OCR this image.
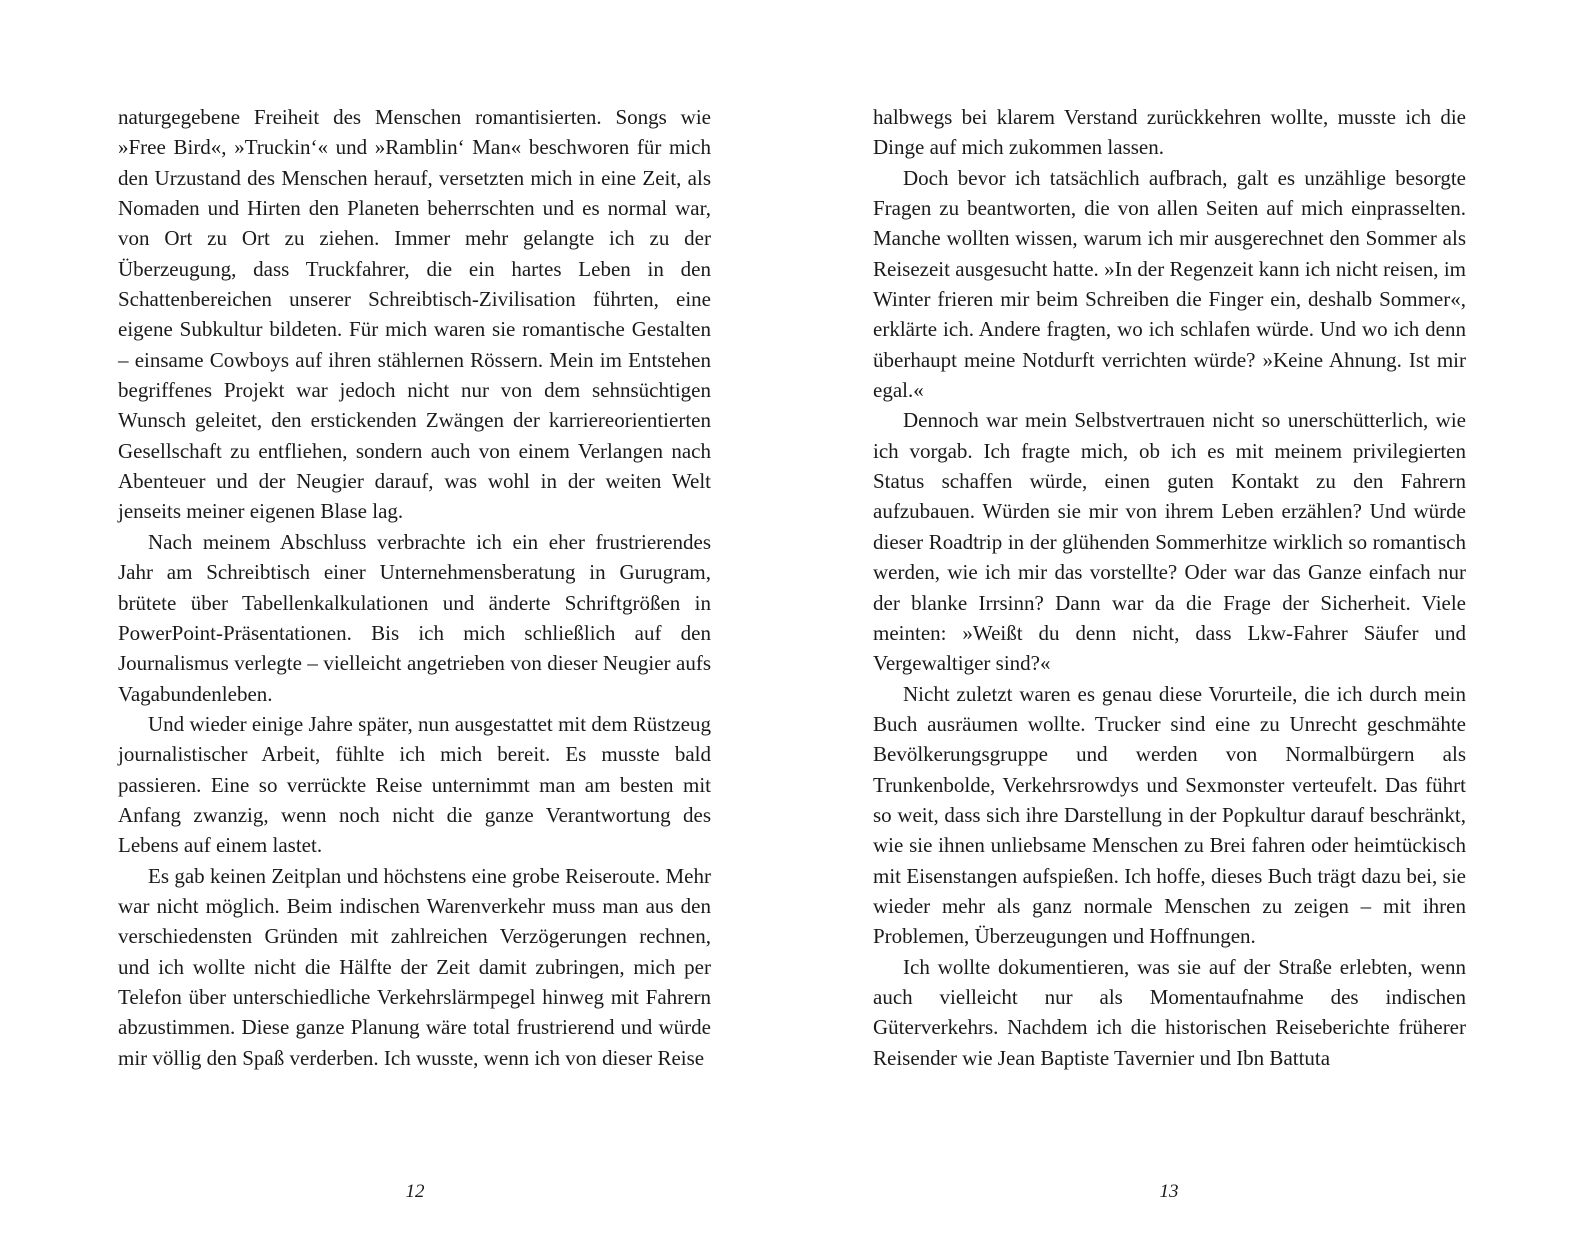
naturgegebene Freiheit des Menschen romantisierten. Songs wie »Free Bird«, »Truckin‘« und »Ramblin‘ Man« beschworen für mich den Urzustand des Menschen herauf, versetzten mich in eine Zeit, als Nomaden und Hirten den Planeten beherrschten und es normal war, von Ort zu Ort zu ziehen. Immer mehr gelangte ich zu der Überzeugung, dass Truckfahrer, die ein hartes Leben in den Schattenbereichen unserer Schreibtisch-Zivilisation führten, eine eigene Subkultur bildeten. Für mich waren sie romantische Gestalten – einsame Cowboys auf ihren stählernen Rössern. Mein im Entstehen begriffenes Projekt war jedoch nicht nur von dem sehnsüchtigen Wunsch geleitet, den erstickenden Zwängen der karriereorientierten Gesellschaft zu entfliehen, sondern auch von einem Verlangen nach Abenteuer und der Neugier darauf, was wohl in der weiten Welt jenseits meiner eigenen Blase lag.

Nach meinem Abschluss verbrachte ich ein eher frustrierendes Jahr am Schreibtisch einer Unternehmensberatung in Gurugram, brütete über Tabellenkalkulationen und änderte Schriftgrößen in PowerPoint-Präsentationen. Bis ich mich schließlich auf den Journalismus verlegte – vielleicht angetrieben von dieser Neugier aufs Vagabundenleben.

Und wieder einige Jahre später, nun ausgestattet mit dem Rüstzeug journalistischer Arbeit, fühlte ich mich bereit. Es musste bald passieren. Eine so verrückte Reise unternimmt man am besten mit Anfang zwanzig, wenn noch nicht die ganze Verantwortung des Lebens auf einem lastet.

Es gab keinen Zeitplan und höchstens eine grobe Reiseroute. Mehr war nicht möglich. Beim indischen Warenverkehr muss man aus den verschiedensten Gründen mit zahlreichen Verzögerungen rechnen, und ich wollte nicht die Hälfte der Zeit damit zubringen, mich per Telefon über unterschiedliche Verkehrslärmpegel hinweg mit Fahrern abzustimmen. Diese ganze Planung wäre total frustrierend und würde mir völlig den Spaß verderben. Ich wusste, wenn ich von dieser Reise

12

halbwegs bei klarem Verstand zurückkehren wollte, musste ich die Dinge auf mich zukommen lassen.

Doch bevor ich tatsächlich aufbrach, galt es unzählige besorgte Fragen zu beantworten, die von allen Seiten auf mich einprasselten. Manche wollten wissen, warum ich mir ausgerechnet den Sommer als Reisezeit ausgesucht hatte. »In der Regenzeit kann ich nicht reisen, im Winter frieren mir beim Schreiben die Finger ein, deshalb Sommer«, erklärte ich. Andere fragten, wo ich schlafen würde. Und wo ich denn überhaupt meine Notdurft verrichten würde? »Keine Ahnung. Ist mir egal.«

Dennoch war mein Selbstvertrauen nicht so unerschütterlich, wie ich vorgab. Ich fragte mich, ob ich es mit meinem privilegierten Status schaffen würde, einen guten Kontakt zu den Fahrern aufzubauen. Würden sie mir von ihrem Leben erzählen? Und würde dieser Roadtrip in der glühenden Sommerhitze wirklich so romantisch werden, wie ich mir das vorstellte? Oder war das Ganze einfach nur der blanke Irrsinn? Dann war da die Frage der Sicherheit. Viele meinten: »Weißt du denn nicht, dass Lkw-Fahrer Säufer und Vergewaltiger sind?«

Nicht zuletzt waren es genau diese Vorurteile, die ich durch mein Buch ausräumen wollte. Trucker sind eine zu Unrecht geschmähte Bevölkerungsgruppe und werden von Normalbürgern als Trunkenbolde, Verkehrsrowdys und Sexmonster verteufelt. Das führt so weit, dass sich ihre Darstellung in der Popkultur darauf beschränkt, wie sie ihnen unliebsame Menschen zu Brei fahren oder heimtückisch mit Eisenstangen aufspießen. Ich hoffe, dieses Buch trägt dazu bei, sie wieder mehr als ganz normale Menschen zu zeigen – mit ihren Problemen, Überzeugungen und Hoffnungen.

Ich wollte dokumentieren, was sie auf der Straße erlebten, wenn auch vielleicht nur als Momentaufnahme des indischen Güterverkehrs. Nachdem ich die historischen Reiseberichte früherer Reisender wie Jean Baptiste Tavernier und Ibn Battuta

13
